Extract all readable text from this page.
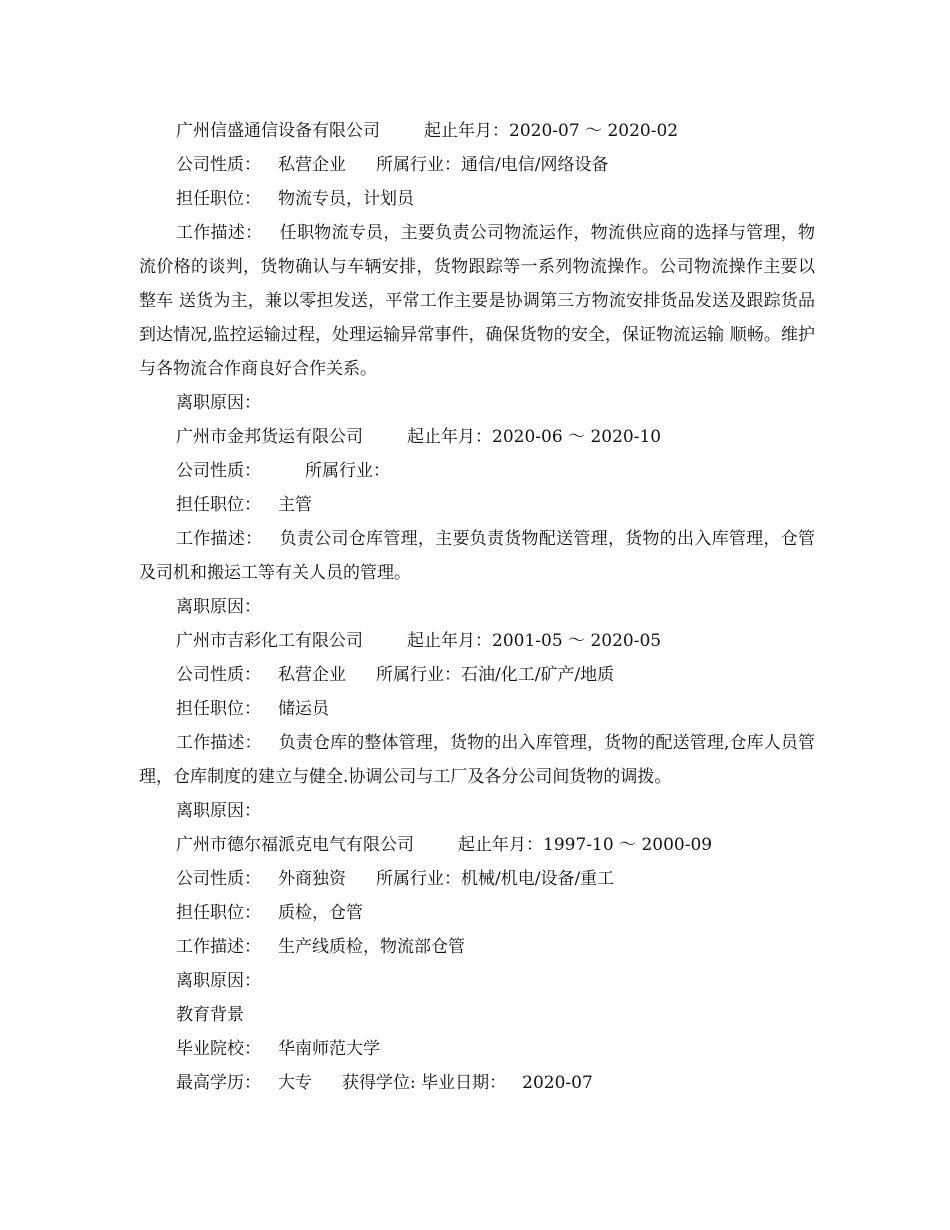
广州信盛通信设备有限公司	起止年月：2020-07 ～ 2020-02
公司性质： 私营企业 所属行业：通信/电信/网络设备
担任职位： 物流专员，计划员
工作描述： 任职物流专员，主要负责公司物流运作，物流供应商的选择与管理，物流价格的谈判，货物确认与车辆安排，货物跟踪等一系列物流操作。公司物流操作主要以整车 送货为主，兼以零担发送，平常工作主要是协调第三方物流安排货品发送及跟踪货品到达情况,监控运输过程，处理运输异常事件，确保货物的安全，保证物流运输 顺畅。维护与各物流合作商良好合作关系。
离职原因：
广州市金邦货运有限公司	起止年月：2020-06 ～ 2020-10
公司性质：	所属行业：
担任职位： 主管
工作描述： 负责公司仓库管理，主要负责货物配送管理，货物的出入库管理，仓管及司机和搬运工等有关人员的管理。
离职原因：
广州市吉彩化工有限公司	起止年月：2001-05 ～ 2020-05
公司性质： 私营企业 所属行业：石油/化工/矿产/地质
担任职位： 储运员
工作描述： 负责仓库的整体管理，货物的出入库管理，货物的配送管理,仓库人员管理，仓库制度的建立与健全.协调公司与工厂及各分公司间货物的调拨。
离职原因：
广州市德尔福派克电气有限公司	起止年月：1997-10 ～ 2000-09
公司性质： 外商独资 所属行业：机械/机电/设备/重工
担任职位： 质检，仓管
工作描述： 生产线质检，物流部仓管
离职原因：
教育背景
毕业院校： 华南师范大学
最高学历： 大专 获得学位: 毕业日期： 2020-07
